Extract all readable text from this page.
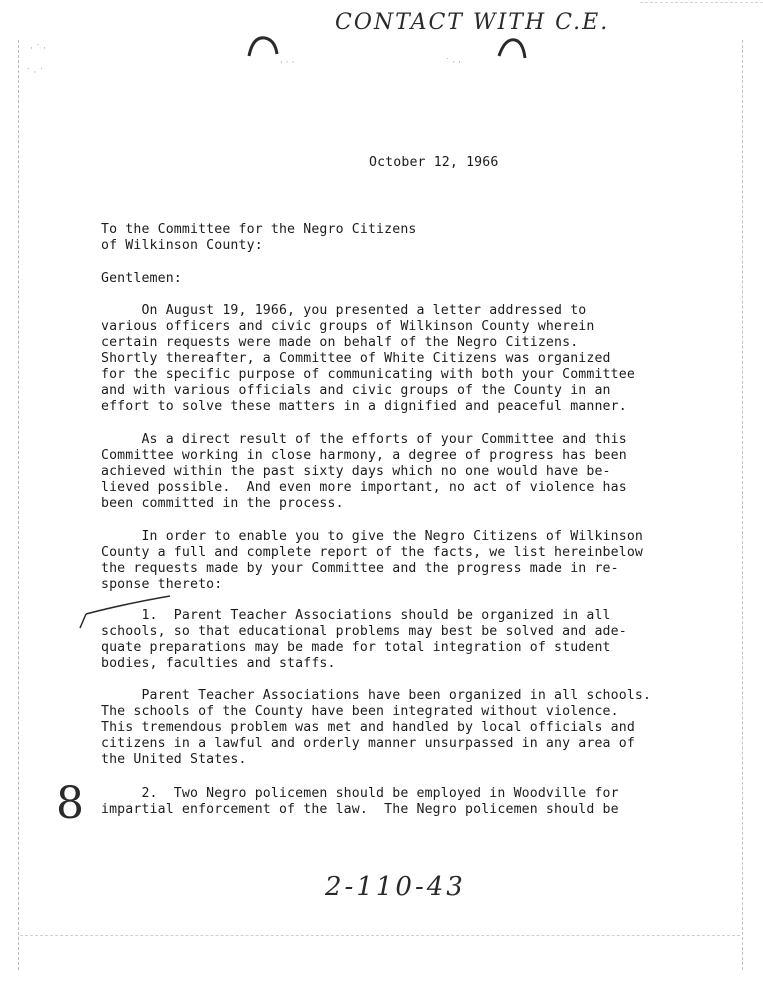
· ˙ ·
˙ · ˙
· · ·	˙ · ·
CONTACT WITH C.E.
October 12, 1966
To the Committee for the Negro Citizens
of Wilkinson County:
Gentlemen:
On August 19, 1966, you presented a letter addressed to
various officers and civic groups of Wilkinson County wherein
certain requests were made on behalf of the Negro Citizens.
Shortly thereafter, a Committee of White Citizens was organized
for the specific purpose of communicating with both your Committee
and with various officials and civic groups of the County in an
effort to solve these matters in a dignified and peaceful manner.
As a direct result of the efforts of your Committee and this
Committee working in close harmony, a degree of progress has been
achieved within the past sixty days which no one would have be-
lieved possible.  And even more important, no act of violence has
been committed in the process.
In order to enable you to give the Negro Citizens of Wilkinson
County a full and complete report of the facts, we list hereinbelow
the requests made by your Committee and the progress made in re-
sponse thereto:
1.  Parent Teacher Associations should be organized in all
schools, so that educational problems may best be solved and ade-
quate preparations may be made for total integration of student
bodies, faculties and staffs.
Parent Teacher Associations have been organized in all schools.
The schools of the County have been integrated without violence.
This tremendous problem was met and handled by local officials and
citizens in a lawful and orderly manner unsurpassed in any area of
the United States.
2.  Two Negro policemen should be employed in Woodville for
impartial enforcement of the law.  The Negro policemen should be
8
2-110-43
